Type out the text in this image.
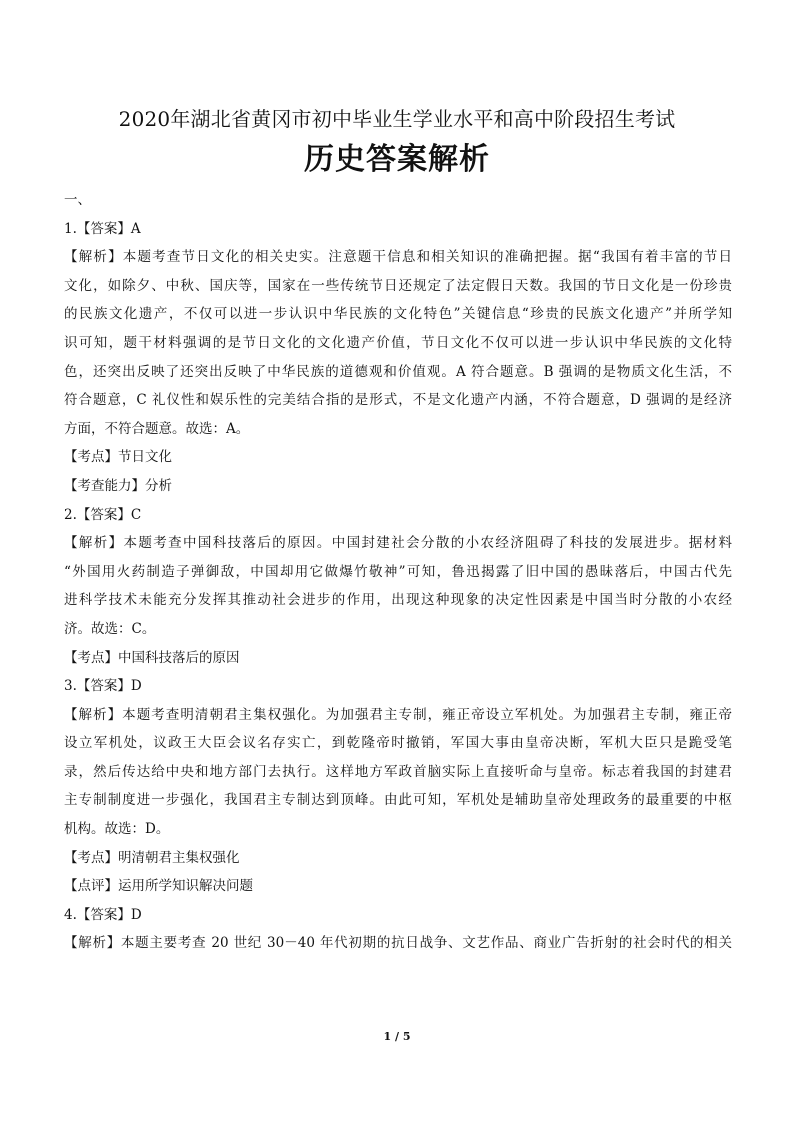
2020年湖北省黄冈市初中毕业生学业水平和高中阶段招生考试
历史答案解析
一、
1.【答案】A
【解析】本题考查节日文化的相关史实。注意题干信息和相关知识的准确把握。据“我国有着丰富的节日
文化，如除夕、中秋、国庆等，国家在一些传统节日还规定了法定假日天数。我国的节日文化是一份珍贵
的民族文化遗产，不仅可以进一步认识中华民族的文化特色”关键信息“珍贵的民族文化遗产”并所学知
识可知，题干材料强调的是节日文化的文化遗产价值，节日文化不仅可以进一步认识中华民族的文化特
色，还突出反映了还突出反映了中华民族的道德观和价值观。A 符合题意。B 强调的是物质文化生活，不
符合题意，C 礼仪性和娱乐性的完美结合指的是形式，不是文化遗产内涵，不符合题意，D 强调的是经济
方面，不符合题意。故选：A。
【考点】节日文化
【考查能力】分析
2.【答案】C
【解析】本题考查中国科技落后的原因。中国封建社会分散的小农经济阻碍了科技的发展进步。据材料
“外国用火药制造子弹御敌，中国却用它做爆竹敬神”可知，鲁迅揭露了旧中国的愚昧落后，中国古代先
进科学技术未能充分发挥其推动社会进步的作用，出现这种现象的决定性因素是中国当时分散的小农经
济。故选：C。
【考点】中国科技落后的原因
3.【答案】D
【解析】本题考查明清朝君主集权强化。为加强君主专制，雍正帝设立军机处。为加强君主专制，雍正帝
设立军机处，议政王大臣会议名存实亡，到乾隆帝时撤销，军国大事由皇帝决断，军机大臣只是跪受笔
录，然后传达给中央和地方部门去执行。这样地方军政首脑实际上直接听命与皇帝。标志着我国的封建君
主专制制度进一步强化，我国君主专制达到顶峰。由此可知，军机处是辅助皇帝处理政务的最重要的中枢
机构。故选：D。
【考点】明清朝君主集权强化
【点评】运用所学知识解决问题
4.【答案】D
【解析】本题主要考查 20 世纪 30－40 年代初期的抗日战争、文艺作品、商业广告折射的社会时代的相关
1 / 5
